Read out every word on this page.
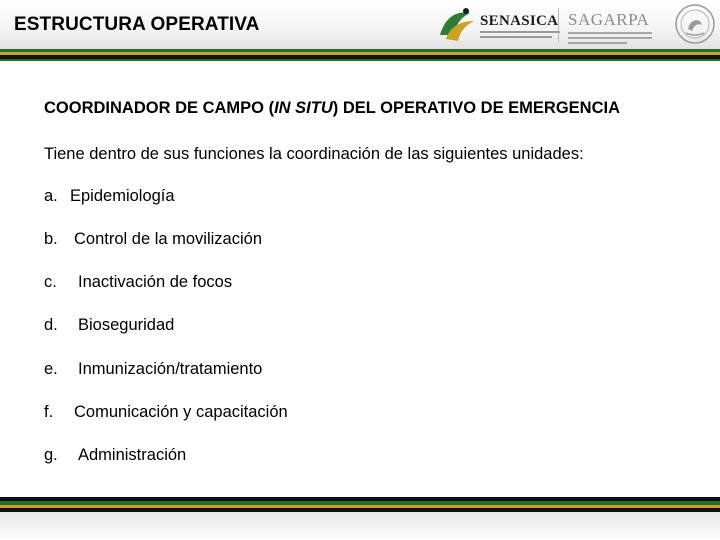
ESTRUCTURA OPERATIVA	SENASICA SAGARPA
COORDINADOR DE CAMPO (IN SITU) DEL OPERATIVO DE EMERGENCIA
Tiene dentro de sus funciones la coordinación de las siguientes unidades:
a. Epidemiología
b. Control de la movilización
c. Inactivación de focos
d. Bioseguridad
e. Inmunización/tratamiento
f. Comunicación y capacitación
g. Administración
